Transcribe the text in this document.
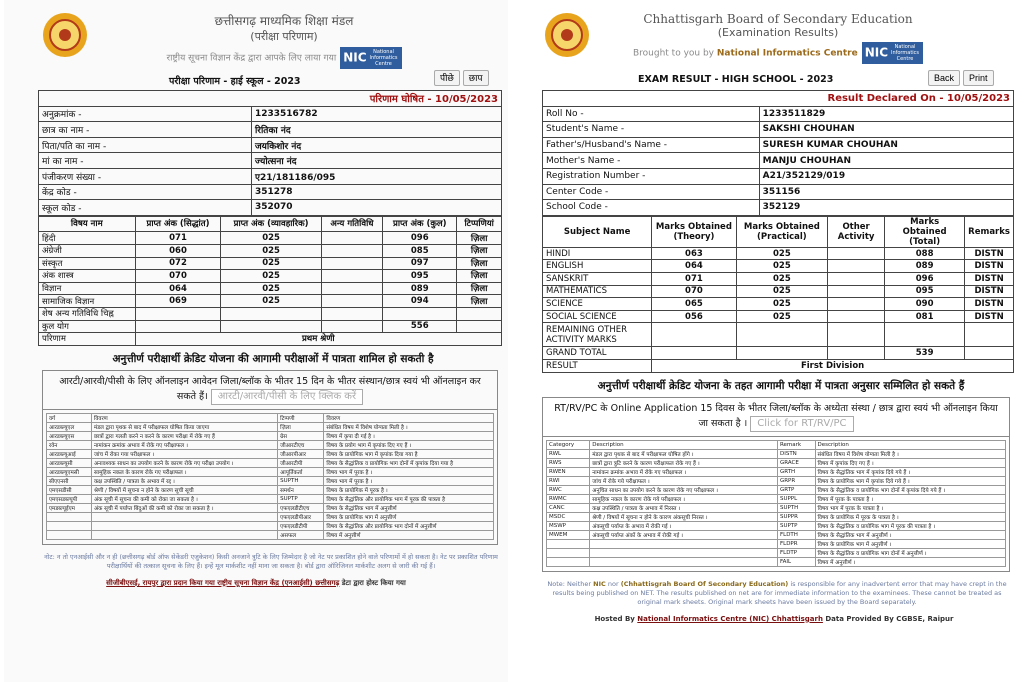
छत्तीसगढ़ माध्यमिक शिक्षा मंडल
(परीक्षा परिणाम)
राष्ट्रीय सूचना विज्ञान केंद्र द्वारा आपके लिए लाया गया NIC National Informatics Centre
परीक्षा परिणाम - हाई स्कूल - 2023	पीछे	छाप
परिणाम घोषित - 10/05/2023	
अनुक्रमांक -	1233516782
छात्र का नाम -	रितिका नंद
पिता/पति का नाम -	जयकिशोर नंद
मां का नाम -	ज्योत्सना नंद
पंजीकरण संख्या -	ए21/181186/095
केंद्र कोड -	351278
स्कूल कोड -	352070
विषय नाम	प्राप्त अंक (सिद्धांत)	प्राप्त अंक (व्यावहारिक)	अन्य गतिविधि	प्राप्त अंक (कुल)	टिप्पणियां
हिंदी	071	025		096	ज़िला
अंग्रेजी	060	025		085	ज़िला
संस्कृत	072	025		097	ज़िला
अंक शास्त्र	070	025		095	ज़िला
विज्ञान	064	025		089	ज़िला
सामाजिक विज्ञान	069	025		094	ज़िला
शेष अन्य गतिविधि चिह्न					
कुल योग				556	
परिणाम	प्रथम श्रेणी				
अनुत्तीर्ण परीक्षार्थी क्रेडिट योजना की आगामी परीक्षाओं में पात्रता शामिल हो सकती है
आरटी/आरवी/पीसी के लिए ऑनलाइन आवेदन जिला/ब्लॉक के भीतर 15 दिन के भीतर संस्थान/छात्र स्वयं भी ऑनलाइन कर सकते हैं। आरटी/आरवी/पीसी के लिए क्लिक करें
वर्ग	विवरण	टिप्पणी	विवरण
आरडब्ल्यूएल	मंडल द्वारा पृथक से बाद में परीक्षाफल घोषित किया जाएगा	ज़िला	संबंधित विषय में विशेष योग्यता मिली है ।
आरडब्ल्यूएस	छात्रों द्वारा गलती करने न करने के कारण परीक्षा में रोके गए हैं	ग्रेस	विषय में कृपा दी गई है ।
रवेन	नामांकन क्रमांक अभाव में रोके गए परीक्षाफल ।	जीआरटीएच	विषय के प्रयोग भाग में कृपांक दिए गए हैं ।
आरडब्ल्यूआई	जांच में रोका गया परीक्षाफल ।	जीआरपीआर	विषय के प्रायोगिक भाग में कृपांक दिया गया है
आरडब्ल्यूसी	अनावश्यक साधन का उपयोग करने के कारण रोके गए परीक्षा उपयोग ।	जीआरटीपी	विषय के सैद्धांतिक व प्रायोगिक भाग दोनों में कृपांक दिया गया है
आरडब्ल्यूएमसी	सामूहिक नकल के कारण रोके गए परीक्षाफल ।	आपूर्तिकर्ता	विषय भाग में पूरक है ।
सीएएनसी	कक्ष उपस्थिति / पात्रता के अभाव में रद्द ।	SUPTH	विषय भाग में पूरक है ।
एमएसडीसी	श्रेणी / विषयों में सूचना न होने के कारण सूची सूची	समर्थन	विषय के प्रायोगिक में पूरक है ।
एमएसडब्ल्यूपी	अंक सूची में सूचना की कमी को रोका जा सकता है ।	SUPTP	विषय के सैद्धांतिक और प्रायोगिक भाग में पूरक की पात्रता है
एमडब्ल्यूईएम	अंक सूची में पर्याप्त बिंदुओं की कमी को रोका जा सकता है ।	एफएलडीटीएच	विषय के सैद्धांतिक भाग में अनुत्तीर्ण
		एफएलडीपीआर	विषय के प्रायोगिक भाग में अनुत्तीर्ण
		एफएलडीटीपी	विषय के सैद्धांतिक और प्रायोगिक भाग दोनों में अनुत्तीर्ण
		असफल	विषय में अनुत्तीर्ण
नोट: न तो एनआईसी और न ही (छत्तीसगढ़ बोर्ड ऑफ सेकेंडरी एजुकेशन) किसी अनजाने त्रुटि के लिए जिम्मेदार है जो नेट पर प्रकाशित होने वाले परिणामों में हो सकता है। नेट पर प्रकाशित परिणाम परीक्षार्थियों की तत्काल सूचना के लिए हैं। इन्हें मूल मार्कशीट नहीं माना जा सकता है। बोर्ड द्वारा ऑरिजिनल मार्कशीट अलग से जारी की गई हैं।
सीजीबीएसई, रायपुर द्वारा प्रदान किया गया राष्ट्रीय सूचना विज्ञान केंद्र (एनआईसी) छत्तीसगढ़ डेटा द्वारा होस्ट किया गया
Chhattisgarh Board of Secondary Education
(Examination Results)
Brought to you by National Informatics Centre NIC National Informatics Centre
EXAM RESULT - HIGH SCHOOL - 2023	Back	Print
Result Declared On - 10/05/2023	
Roll No -	1233511829
Student's Name -	SAKSHI CHOUHAN
Father's/Husband's Name -	SURESH KUMAR CHOUHAN
Mother's Name -	MANJU CHOUHAN
Registration Number -	A21/352129/019
Center Code -	351156
School Code -	352129
Subject Name	Marks Obtained (Theory)	Marks Obtained (Practical)	Other Activity	Marks Obtained (Total)	Remarks
HINDI	063	025		088	DISTN
ENGLISH	064	025		089	DISTN
SANSKRIT	071	025		096	DISTN
MATHEMATICS	070	025		095	DISTN
SCIENCE	065	025		090	DISTN
SOCIAL SCIENCE	056	025		081	DISTN
REMAINING OTHER ACTIVITY MARKS					
GRAND TOTAL				539	
RESULT	First Division				
अनुत्तीर्ण परीक्षार्थी क्रेडिट योजना के तहत आगामी परीक्षा में पात्रता अनुसार सम्मिलित हो सकते हैं
RT/RV/PC के Online Application 15 दिवस के भीतर जिला/ब्लॉक के अध्येता संस्था / छात्र द्वारा स्वयं भी ऑनलाइन किया जा सकता है । Click for RT/RV/PC
Category	Description	Remark	Description
RWL	मंडल द्वारा पृथक से बाद में परीक्षाफल घोषित होंगे ।	DISTN	संबंधित विषय में विशेष योग्यता मिली है ।
RWS	छात्रों द्वारा त्रुटि करने के कारण परीक्षाफल रोके गए हैं ।	GRACE	विषय में कृपांक दिए गए हैं ।
RWEN	नामांकन क्रमांक अभाव में रोके गए परीक्षाफल ।	GRTH	विषय के सैद्धांतिक भाग में कृपांक दिये गये हैं ।
RWI	जांच में रोके गये परीक्षाफल ।	GRPR	विषय के प्रायोगिक भाग में कृपांक दिये गये हैं ।
RWC	अनुचित साधन का उपयोग करने के कारण रोके गए परीक्षाफल ।	GRTP	विषय के सैद्धांतिक व प्रायोगिक भाग दोनों में कृपांक दिये गये हैं ।
RWMC	सामूहिक नकल के कारण रोके गये परीक्षाफल ।	SUPPL	विषय में पूरक के पात्रता है ।
CANC	कक्ष उपस्थिति / पात्रता के अभाव में निरस्त ।	SUPTH	विषय भाग में पूरक के पात्रता है ।
MSDC	श्रेणी / विषयों में सूचना न होने के कारण अंकसूची निरस्त ।	SUPPR	विषय के प्रायोगिक में पूरक के पात्रता है ।
MSWP	अंकसूची पर्याप्त के अभाव में रोकी गई ।	SUPTP	विषय के सैद्धांतिक व प्रायोगिक भाग में पूरक की पात्रता है ।
MWEM	अंकसूची पर्याप्त अंकों के अभाव में रोकी गई ।	FLDTH	विषय के सैद्धांतिक भाग में अनुत्तीर्ण ।
		FLDPR	विषय के प्रायोगिक भाग में अनुत्तीर्ण ।
		FLDTP	विषय के सैद्धांतिक व प्रायोगिक भाग दोनों में अनुत्तीर्ण ।
		FAIL	विषय में अनुत्तीर्ण ।
Note: Neither NIC nor (Chhattisgrah Board Of Secondary Education) is responsible for any inadvertent error that may have crept in the results being published on NET. The results published on net are for immediate information to the examinees. These cannot be treated as original mark sheets. Original mark sheets have been issued by the Board separately.
Hosted By National Informatics Centre (NIC) Chhattisgarh Data Provided By CGBSE, Raipur
